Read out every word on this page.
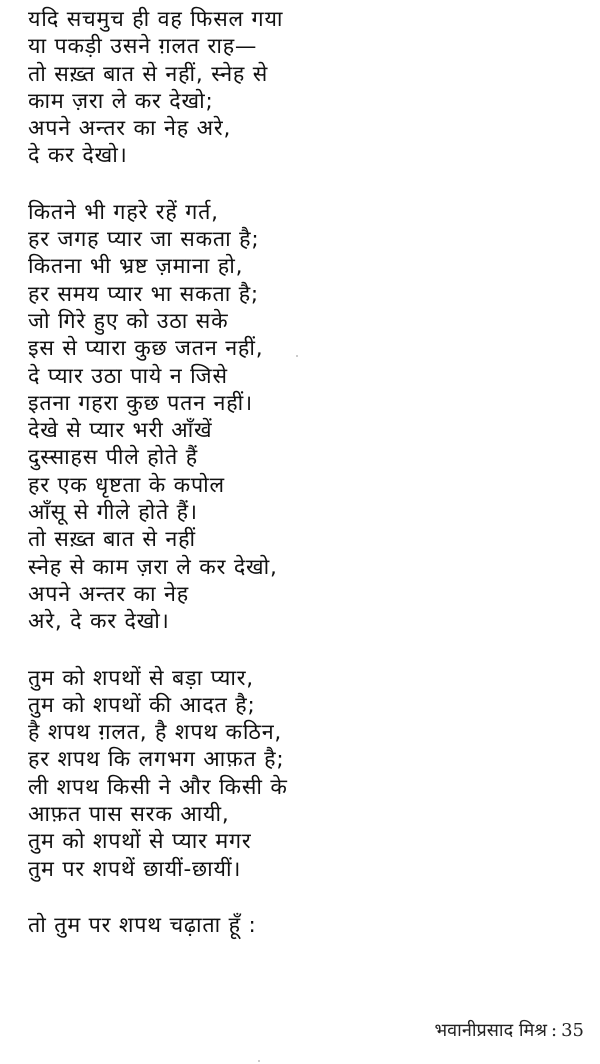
यदि सचमुच ही वह फिसल गया
या पकड़ी उसने ग़लत राह—
तो सख़्त बात से नहीं, स्नेह से
काम ज़रा ले कर देखो;
अपने अन्तर का नेह अरे,
दे कर देखो।
कितने भी गहरे रहें गर्त,
हर जगह प्यार जा सकता है;
कितना भी भ्रष्ट ज़माना हो,
हर समय प्यार भा सकता है;
जो गिरे हुए को उठा सके
इस से प्यारा कुछ जतन नहीं,
दे प्यार उठा पाये न जिसे
इतना गहरा कुछ पतन नहीं।
देखे से प्यार भरी आँखें
दुस्साहस पीले होते हैं
हर एक धृष्टता के कपोल
आँसू से गीले होते हैं।
तो सख़्त बात से नहीं
स्नेह से काम ज़रा ले कर देखो,
अपने अन्तर का नेह
अरे, दे कर देखो।
तुम को शपथों से बड़ा प्यार,
तुम को शपथों की आदत है;
है शपथ ग़लत, है शपथ कठिन,
हर शपथ कि लगभग आफ़त है;
ली शपथ किसी ने और किसी के
आफ़त पास सरक आयी,
तुम को शपथों से प्यार मगर
तुम पर शपथें छायीं-छायीं।
तो तुम पर शपथ चढ़ाता हूँ :
भवानीप्रसाद मिश्र : 35
